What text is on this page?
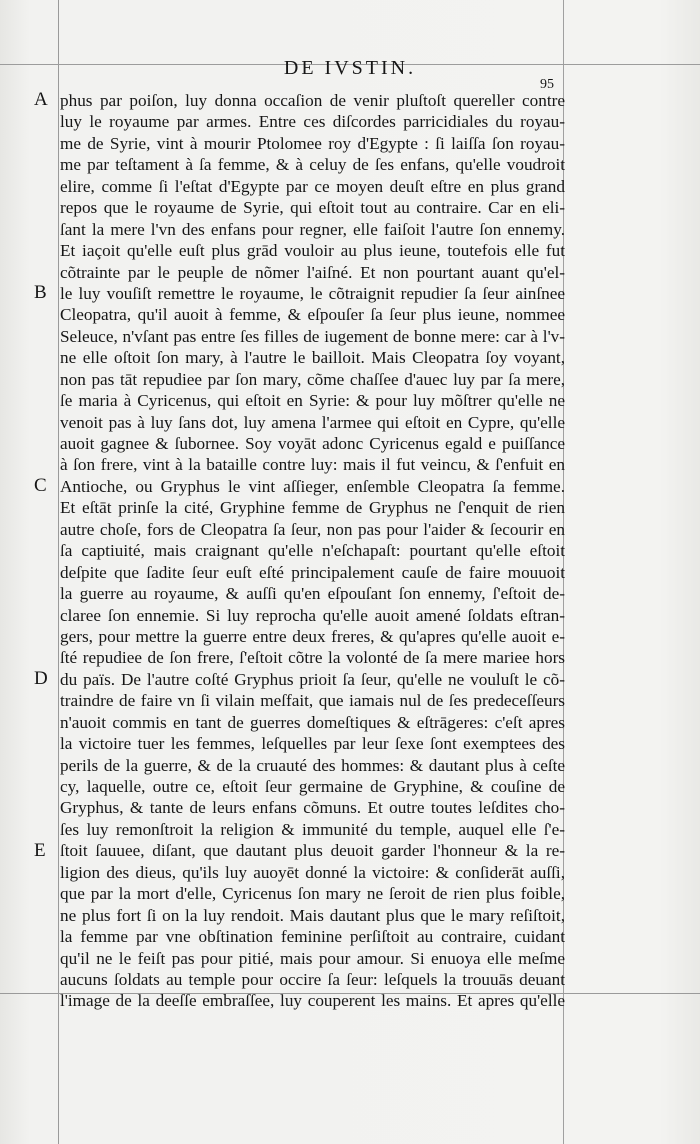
DE IVSTIN.
95
phus par poiſon, luy donna occaſion de venir pluſtoſt quereller contre
luy le royaume par armes. Entre ces diſcordes parricidiales du royau-
me de Syrie, vint à mourir Ptolomee roy d'Egypte : ſi laiſſa ſon royau-
me par teſtament à ſa femme, & à celuy de ſes enfans, qu'elle voudroit
elire, comme ſi l'eſtat d'Egypte par ce moyen deuſt eſtre en plus grand
repos que le royaume de Syrie, qui eſtoit tout au contraire. Car en eli-
ſant la mere l'vn des enfans pour regner, elle faiſoit l'autre ſon ennemy.
Et iaçoit qu'elle euſt plus grād vouloir au plus ieune, toutefois elle fut
cõtrainte par le peuple de nõmer l'aiſné. Et non pourtant auant qu'el-
le luy vouſiſt remettre le royaume, le cõtraignit repudier ſa ſeur ainſnee
Cleopatra, qu'il auoit à femme, & eſpouſer ſa ſeur plus ieune, nommee
Seleuce, n'vſant pas entre ſes filles de iugement de bonne mere: car à l'v-
ne elle oſtoit ſon mary, à l'autre le bailloit. Mais Cleopatra ſoy voyant,
non pas tāt repudiee par ſon mary, cõme chaſſee d'auec luy par ſa mere,
ſe maria à Cyricenus, qui eſtoit en Syrie: & pour luy mõſtrer qu'elle ne
venoit pas à luy ſans dot, luy amena l'armee qui eſtoit en Cypre, qu'elle
auoit gagnee & ſubornee. Soy voyāt adonc Cyricenus egald e puiſſance
à ſon frere, vint à la bataille contre luy: mais il fut veincu, & ſ'enfuit en
Antioche, ou Gryphus le vint aſſieger, enſemble Cleopatra ſa femme.
Et eſtāt prinſe la cité, Gryphine femme de Gryphus ne ſ'enquit de rien
autre choſe, fors de Cleopatra ſa ſeur, non pas pour l'aider & ſecourir en
ſa captiuité, mais craignant qu'elle n'eſchapaſt: pourtant qu'elle eſtoit
deſpite que ſadite ſeur euſt eſté principalement cauſe de faire mouuoit
la guerre au royaume, & auſſi qu'en eſpouſant ſon ennemy, ſ'eſtoit de-
claree ſon ennemie. Si luy reprocha qu'elle auoit amené ſoldats eſtran-
gers, pour mettre la guerre entre deux freres, & qu'apres qu'elle auoit e-
ſté repudiee de ſon frere, ſ'eſtoit cõtre la volonté de ſa mere mariee hors
du païs. De l'autre coſté Gryphus prioit ſa ſeur, qu'elle ne vouluſt le cõ-
traindre de faire vn ſi vilain meſfait, que iamais nul de ſes predeceſſeurs
n'auoit commis en tant de guerres domeſtiques & eſtrāgeres: c'eſt apres
la victoire tuer les femmes, leſquelles par leur ſexe ſont exemptees des
perils de la guerre, & de la cruauté des hommes: & dautant plus à ceſte
cy, laquelle, outre ce, eſtoit ſeur germaine de Gryphine, & couſine de
Gryphus, & tante de leurs enfans cõmuns. Et outre toutes leſdites cho-
ſes luy remonſtroit la religion & immunité du temple, auquel elle ſ'e-
ſtoit ſauuee, diſant, que dautant plus deuoit garder l'honneur & la re-
ligion des dieus, qu'ils luy auoyēt donné la victoire: & conſiderāt auſſi,
que par la mort d'elle, Cyricenus ſon mary ne ſeroit de rien plus foible,
ne plus fort ſi on la luy rendoit. Mais dautant plus que le mary reſiſtoit,
la femme par vne obſtination feminine perſiſtoit au contraire, cuidant
qu'il ne le feiſt pas pour pitié, mais pour amour. Si enuoya elle meſme
aucuns ſoldats au temple pour occire ſa ſeur: leſquels la trouuās deuant
l'image de la deeſſe embraſſee, luy couperent les mains. Et apres qu'elle
A
B
C
D
E
